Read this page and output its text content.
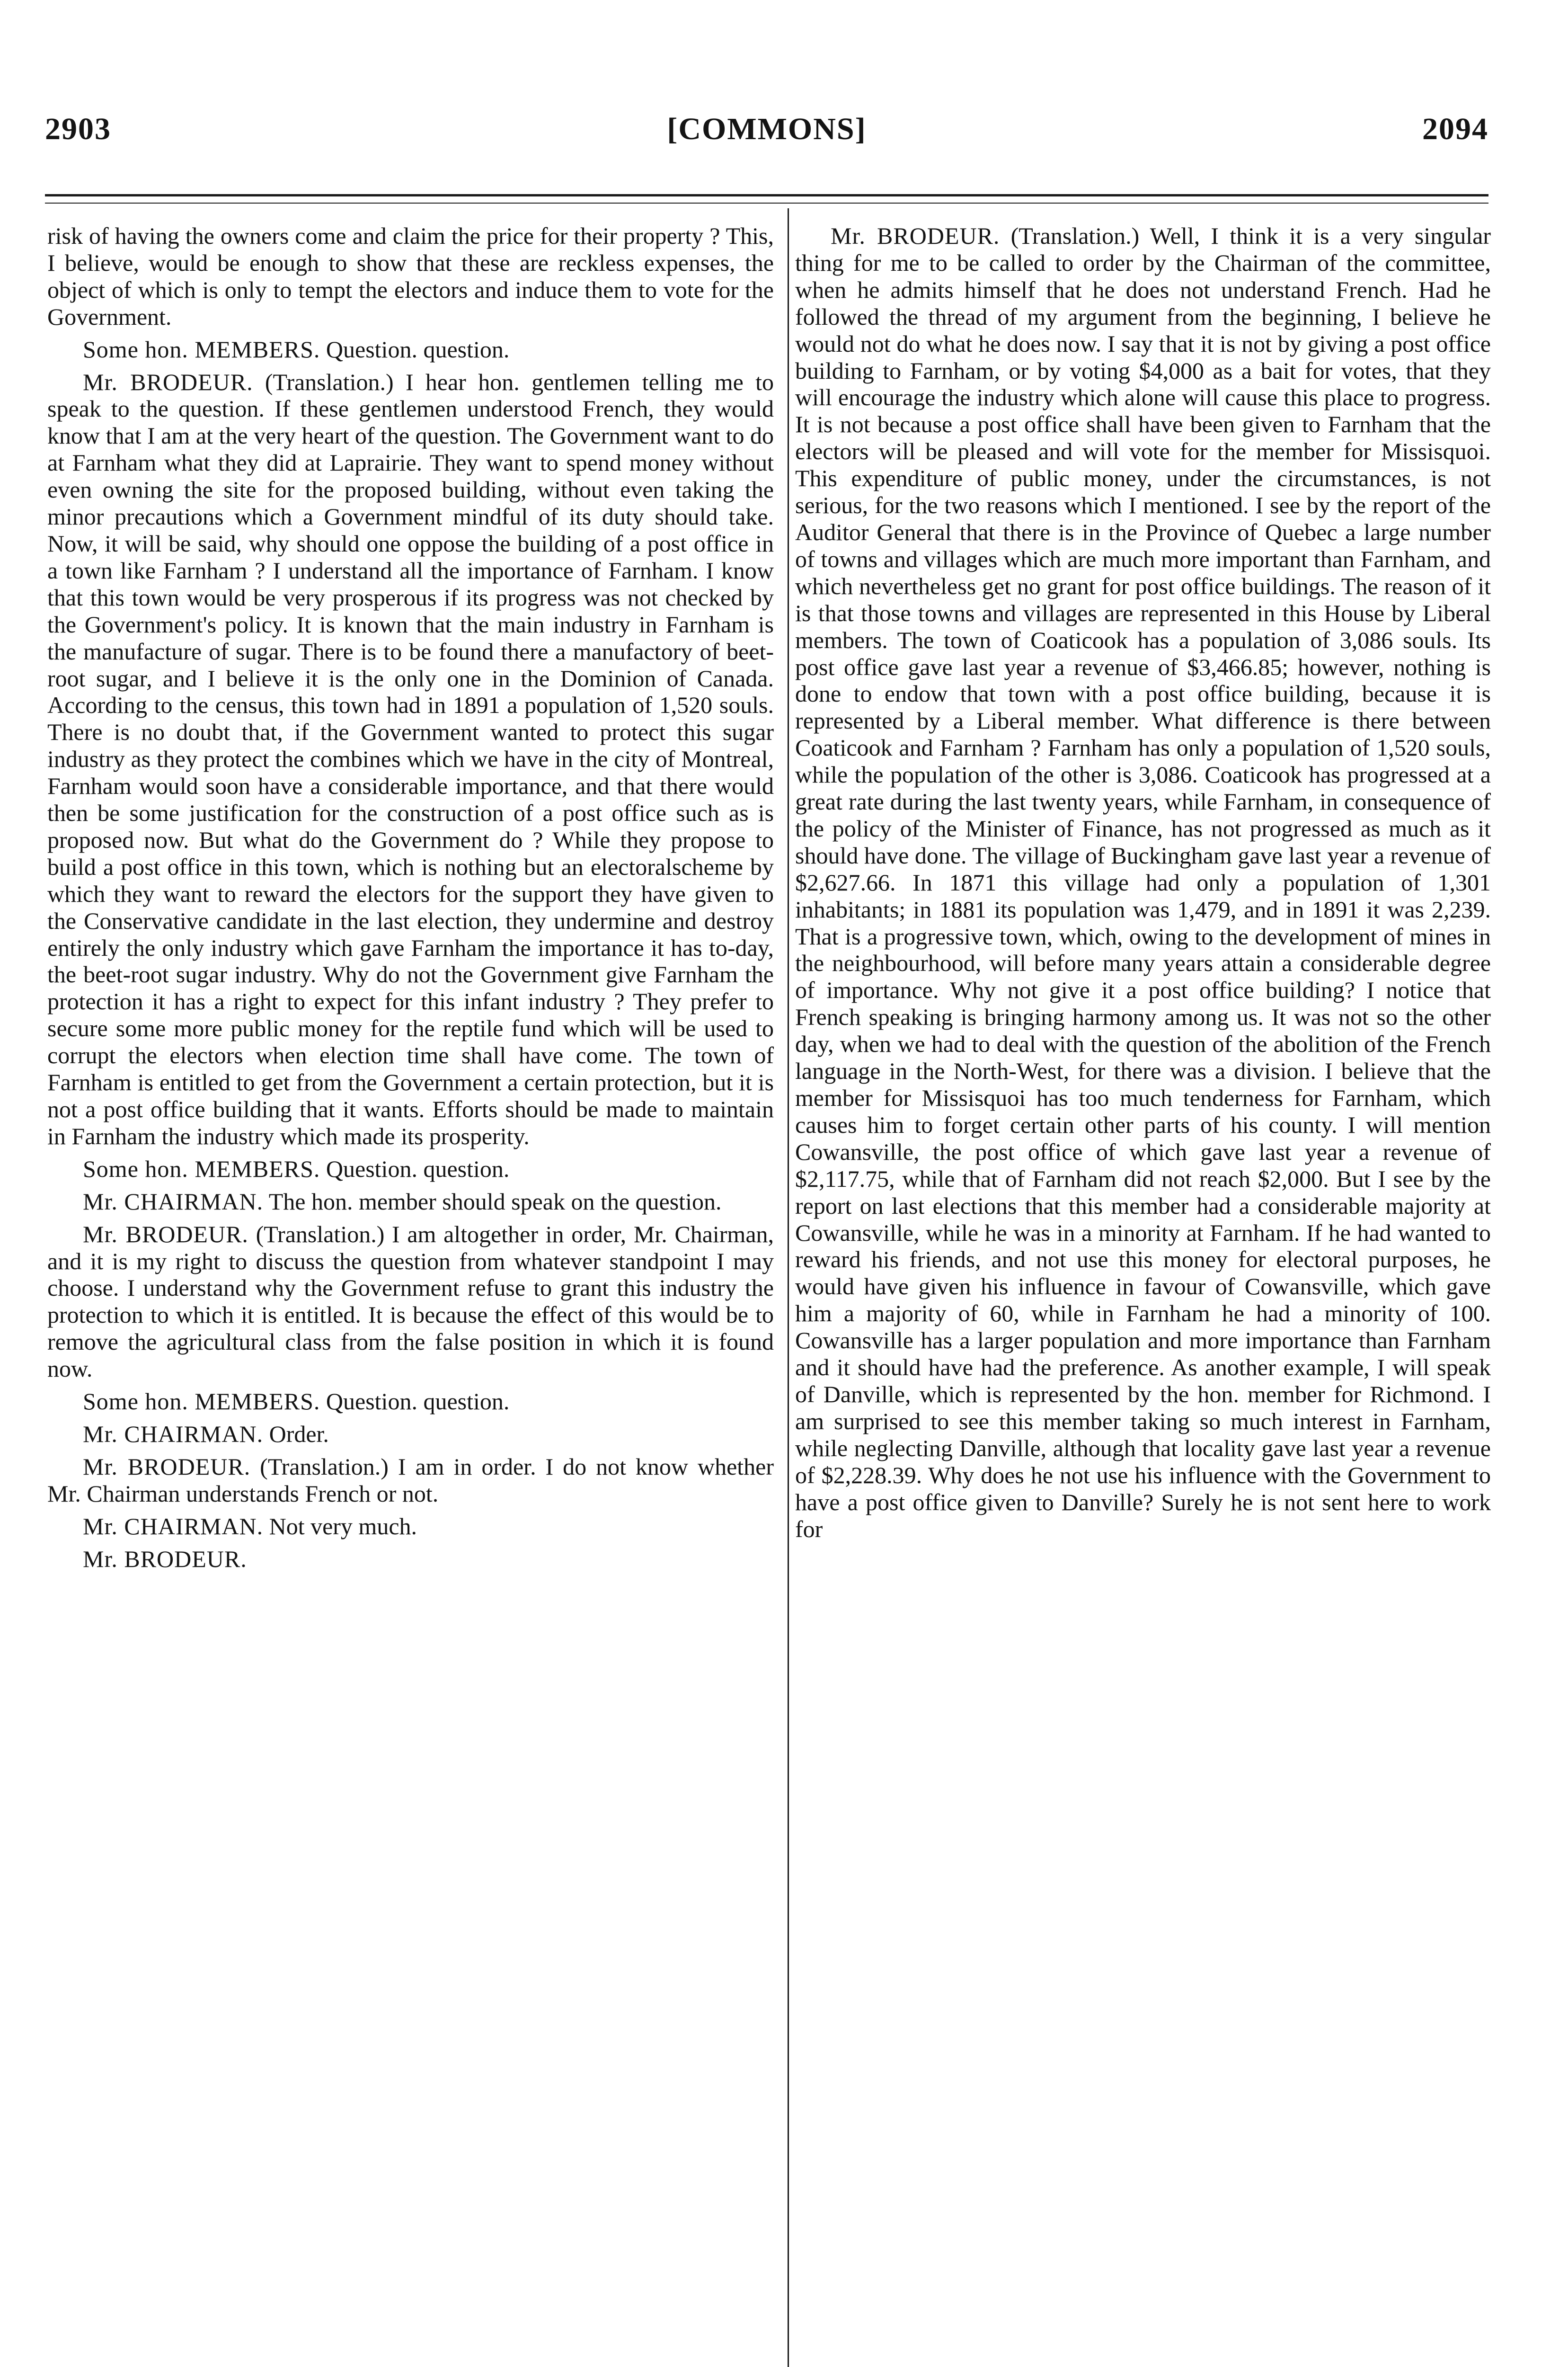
2903	[COMMONS]	2094

risk of having the owners come and claim the price for their property ? This, I believe, would be enough to show that these are reckless expenses, the object of which is only to tempt the electors and induce them to vote for the Government.

Some hon. MEMBERS. Question. question.

Mr. BRODEUR. (Translation.) I hear hon. gentlemen telling me to speak to the question. If these gentlemen understood French, they would know that I am at the very heart of the question. The Government want to do at Farnham what they did at Laprairie. They want to spend money without even owning the site for the proposed building, without even taking the minor precautions which a Government mindful of its duty should take. Now, it will be said, why should one oppose the building of a post office in a town like Farnham ? I understand all the importance of Farnham. I know that this town would be very prosperous if its progress was not checked by the Government's policy. It is known that the main industry in Farnham is the manufacture of sugar. There is to be found there a manufactory of beet-root sugar, and I believe it is the only one in the Dominion of Canada. According to the census, this town had in 1891 a population of 1,520 souls. There is no doubt that, if the Government wanted to protect this sugar industry as they protect the combines which we have in the city of Montreal, Farnham would soon have a considerable importance, and that there would then be some justification for the construction of a post office such as is proposed now. But what do the Government do ? While they propose to build a post office in this town, which is nothing but an electoralscheme by which they want to reward the electors for the support they have given to the Conservative candidate in the last election, they undermine and destroy entirely the only industry which gave Farnham the importance it has to-day, the beet-root sugar industry. Why do not the Government give Farnham the protection it has a right to expect for this infant industry ? They prefer to secure some more public money for the reptile fund which will be used to corrupt the electors when election time shall have come. The town of Farnham is entitled to get from the Government a certain protection, but it is not a post office building that it wants. Efforts should be made to maintain in Farnham the industry which made its prosperity.

Some hon. MEMBERS. Question. question.

Mr. CHAIRMAN. The hon. member should speak on the question.

Mr. BRODEUR. (Translation.) I am altogether in order, Mr. Chairman, and it is my right to discuss the question from whatever standpoint I may choose. I understand why the Government refuse to grant this industry the protection to which it is entitled. It is because the effect of this would be to remove the agricultural class from the false position in which it is found now.

Some hon. MEMBERS. Question. question.

Mr. CHAIRMAN. Order.

Mr. BRODEUR. (Translation.) I am in order. I do not know whether Mr. Chairman understands French or not.

Mr. CHAIRMAN. Not very much.

Mr. BRODEUR.

Mr. BRODEUR. (Translation.) Well, I think it is a very singular thing for me to be called to order by the Chairman of the committee, when he admits himself that he does not understand French. Had he followed the thread of my argument from the beginning, I believe he would not do what he does now. I say that it is not by giving a post office building to Farnham, or by voting $4,000 as a bait for votes, that they will encourage the industry which alone will cause this place to progress. It is not because a post office shall have been given to Farnham that the electors will be pleased and will vote for the member for Missisquoi. This expenditure of public money, under the circumstances, is not serious, for the two reasons which I mentioned. I see by the report of the Auditor General that there is in the Province of Quebec a large number of towns and villages which are much more important than Farnham, and which nevertheless get no grant for post office buildings. The reason of it is that those towns and villages are represented in this House by Liberal members. The town of Coaticook has a population of 3,086 souls. Its post office gave last year a revenue of $3,466.85; however, nothing is done to endow that town with a post office building, because it is represented by a Liberal member. What difference is there between Coaticook and Farnham ? Farnham has only a population of 1,520 souls, while the population of the other is 3,086. Coaticook has progressed at a great rate during the last twenty years, while Farnham, in consequence of the policy of the Minister of Finance, has not progressed as much as it should have done. The village of Buckingham gave last year a revenue of $2,627.66. In 1871 this village had only a population of 1,301 inhabitants; in 1881 its population was 1,479, and in 1891 it was 2,239. That is a progressive town, which, owing to the development of mines in the neighbourhood, will before many years attain a considerable degree of importance. Why not give it a post office building? I notice that French speaking is bringing harmony among us. It was not so the other day, when we had to deal with the question of the abolition of the French language in the North-West, for there was a division. I believe that the member for Missisquoi has too much tenderness for Farnham, which causes him to forget certain other parts of his county. I will mention Cowansville, the post office of which gave last year a revenue of $2,117.75, while that of Farnham did not reach $2,000. But I see by the report on last elections that this member had a considerable majority at Cowansville, while he was in a minority at Farnham. If he had wanted to reward his friends, and not use this money for electoral purposes, he would have given his influence in favour of Cowansville, which gave him a majority of 60, while in Farnham he had a minority of 100. Cowansville has a larger population and more importance than Farnham and it should have had the preference. As another example, I will speak of Danville, which is represented by the hon. member for Richmond. I am surprised to see this member taking so much interest in Farnham, while neglecting Danville, although that locality gave last year a revenue of $2,228.39. Why does he not use his influence with the Government to have a post office given to Danville? Surely he is not sent here to work for
